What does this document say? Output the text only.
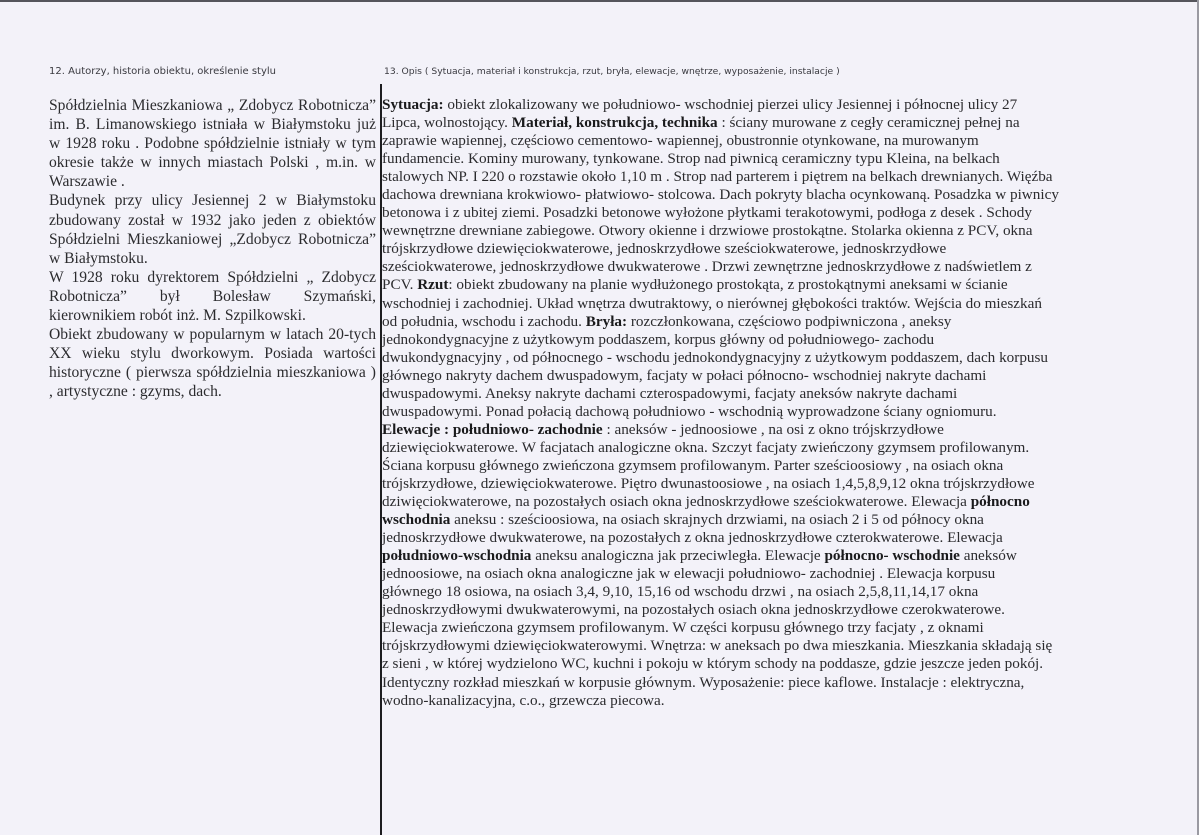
12. Autorzy, historia obiektu, określenie stylu	13. Opis ( Sytuacja, materiał i konstrukcja, rzut, bryła, elewacje, wnętrze, wyposażenie, instalacje )

Spółdzielnia Mieszkaniowa „ Zdobycz Robotnicza” im. B. Limanowskiego istniała w Białymstoku już w 1928 roku . Podobne spółdzielnie istniały w tym okresie także w innych miastach Polski , m.in. w Warszawie .

Budynek przy ulicy Jesiennej 2 w Białymstoku zbudowany został w 1932 jako jeden z obiektów Spółdzielni Mieszkaniowej „Zdobycz Robotnicza” w Białymstoku.

W 1928 roku dyrektorem Spółdzielni „ Zdobycz Robotnicza” był Bolesław Szymański, kierownikiem robót inż. M. Szpilkowski.

Obiekt zbudowany w popularnym w latach 20-tych XX wieku stylu dworkowym. Posiada wartości historyczne ( pierwsza spółdzielnia mieszkaniowa ) , artystyczne : gzyms, dach.

Sytuacja: obiekt zlokalizowany we południowo- wschodniej pierzei ulicy Jesiennej i północnej ulicy 27
Lipca, wolnostojący. Materiał, konstrukcja, technika : ściany murowane z cegły ceramicznej pełnej na
zaprawie wapiennej, częściowo cementowo- wapiennej, obustronnie otynkowane, na murowanym
fundamencie. Kominy murowany, tynkowane. Strop nad piwnicą ceramiczny typu Kleina, na belkach
stalowych NP. I 220 o rozstawie około 1,10 m . Strop nad parterem i piętrem na belkach drewnianych. Więźba
dachowa drewniana krokwiowo- płatwiowo- stolcowa. Dach pokryty blacha ocynkowaną. Posadzka w piwnicy
betonowa i z ubitej ziemi. Posadzki betonowe wyłożone płytkami terakotowymi, podłoga z desek . Schody
wewnętrzne drewniane zabiegowe. Otwory okienne i drzwiowe prostokątne. Stolarka okienna z PCV, okna
trójskrzydłowe dziewięciokwaterowe, jednoskrzydłowe sześciokwaterowe, jednoskrzydłowe
sześciokwaterowe, jednoskrzydłowe dwukwaterowe . Drzwi zewnętrzne jednoskrzydłowe z nadświetlem z
PCV. Rzut: obiekt zbudowany na planie wydłużonego prostokąta, z prostokątnymi aneksami w ścianie
wschodniej i zachodniej. Układ wnętrza dwutraktowy, o nierównej głębokości traktów. Wejścia do mieszkań
od południa, wschodu i zachodu. Bryła: rozczłonkowana, częściowo podpiwniczona , aneksy
jednokondygnacyjne z użytkowym poddaszem, korpus główny od południowego- zachodu
dwukondygnacyjny , od północnego - wschodu jednokondygnacyjny z użytkowym poddaszem, dach korpusu
głównego nakryty dachem dwuspadowym, facjaty w połaci północno- wschodniej nakryte dachami
dwuspadowymi. Aneksy nakryte dachami czterospadowymi, facjaty aneksów nakryte dachami
dwuspadowymi. Ponad połacią dachową południowo - wschodnią wyprowadzone ściany ogniomuru.
Elewacje : południowo- zachodnie : aneksów - jednoosiowe , na osi z okno trójskrzydłowe
dziewięciokwaterowe. W facjatach analogiczne okna. Szczyt facjaty zwieńczony gzymsem profilowanym.
Ściana korpusu głównego zwieńczona gzymsem profilowanym. Parter sześcioosiowy , na osiach okna
trójskrzydłowe, dziewięciokwaterowe. Piętro dwunastoosiowe , na osiach 1,4,5,8,9,12 okna trójskrzydłowe
dziwięciokwaterowe, na pozostałych osiach okna jednoskrzydłowe sześciokwaterowe. Elewacja północno
wschodnia aneksu : sześcioosiowa, na osiach skrajnych drzwiami, na osiach 2 i 5 od północy okna
jednoskrzydłowe dwukwaterowe, na pozostałych z okna jednoskrzydłowe czterokwaterowe. Elewacja
południowo-wschodnia aneksu analogiczna jak przeciwległa. Elewacje północno- wschodnie aneksów
jednoosiowe, na osiach okna analogiczne jak w elewacji południowo- zachodniej . Elewacja korpusu
głównego 18 osiowa, na osiach 3,4, 9,10, 15,16 od wschodu drzwi , na osiach 2,5,8,11,14,17 okna
jednoskrzydłowymi dwukwaterowymi, na pozostałych osiach okna jednoskrzydłowe czerokwaterowe.
Elewacja zwieńczona gzymsem profilowanym. W części korpusu głównego trzy facjaty , z oknami
trójskrzydłowymi dziewięciokwaterowymi. Wnętrza: w aneksach po dwa mieszkania. Mieszkania składają się
z sieni , w której wydzielono WC, kuchni i pokoju w którym schody na poddasze, gdzie jeszcze jeden pokój.
Identyczny rozkład mieszkań w korpusie głównym. Wyposażenie: piece kaflowe. Instalacje : elektryczna,
wodno-kanalizacyjna, c.o., grzewcza piecowa.
